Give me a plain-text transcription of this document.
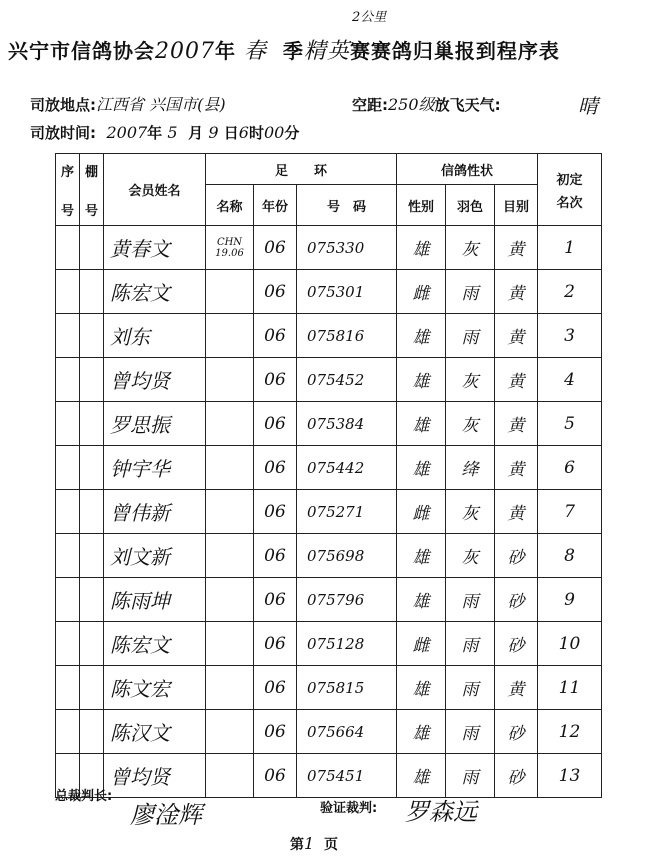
兴宁市信鸽协会2007年 春 季精英赛赛鸽归巢报到程序表
2公里
司放地点:江西省 兴国市(县)	空距:250级放飞天气:	晴
司放时间: 2007年 5 月 9 日6时00分
序
号	棚
号	会员姓名	足　　环			信鸽性状			初定
名次

			名称	年份	号　码	性别	羽色	目别	
		黄春文	CHN 19.06	06	075330	雄	灰	黄	1
		陈宏文		06	075301	雌	雨	黄	2
		刘东		06	075816	雄	雨	黄	3
		曾均贤		06	075452	雄	灰	黄	4
		罗思振		06	075384	雄	灰	黄	5
		钟宇华		06	075442	雄	绛	黄	6
		曾伟新		06	075271	雌	灰	黄	7
		刘文新		06	075698	雄	灰	砂	8
		陈雨坤		06	075796	雄	雨	砂	9
		陈宏文		06	075128	雌	雨	砂	10
		陈文宏		06	075815	雄	雨	黄	11
		陈汉文		06	075664	雄	雨	砂	12
		曾均贤		06	075451	雄	雨	砂	13
总裁判长:
廖淦辉	验证裁判: 罗森远
第1 页
